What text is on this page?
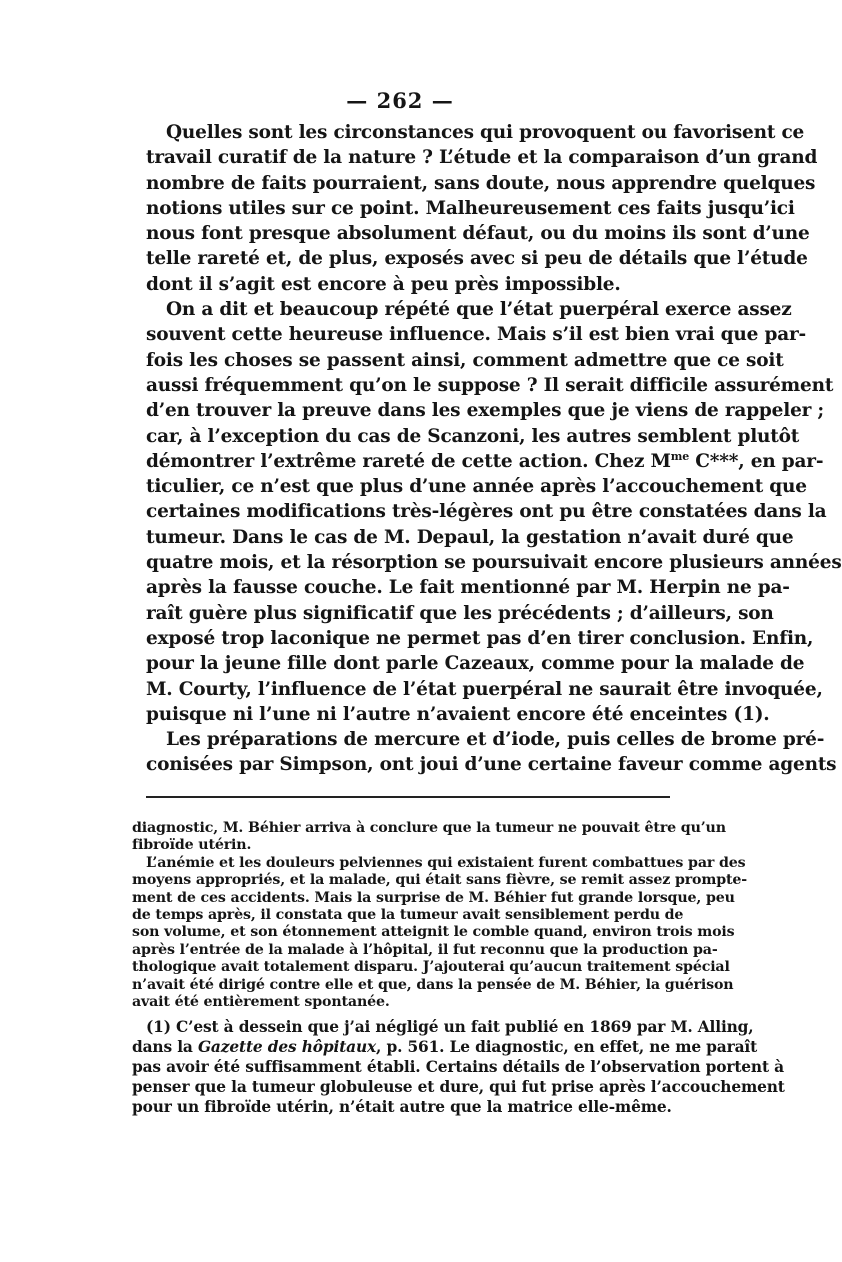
— 262 —
Quelles sont les circonstances qui provoquent ou favorisent ce
travail curatif de la nature ? L’étude et la comparaison d’un grand
nombre de faits pourraient, sans doute, nous apprendre quelques
notions utiles sur ce point. Malheureusement ces faits jusqu’ici
nous font presque absolument défaut, ou du moins ils sont d’une
telle rareté et, de plus, exposés avec si peu de détails que l’étude
dont il s’agit est encore à peu près impossible.
On a dit et beaucoup répété que l’état puerpéral exerce assez
souvent cette heureuse influence. Mais s’il est bien vrai que par-
fois les choses se passent ainsi, comment admettre que ce soit
aussi fréquemment qu’on le suppose ? Il serait difficile assurément
d’en trouver la preuve dans les exemples que je viens de rappeler ;
car, à l’exception du cas de Scanzoni, les autres semblent plutôt
démontrer l’extrême rareté de cette action. Chez $M^{me}$ C***, en par-
ticulier, ce n’est que plus d’une année après l’accouchement que
certaines modifications très-légères ont pu être constatées dans la
tumeur. Dans le cas de M. Depaul, la gestation n’avait duré que
quatre mois, et la résorption se poursuivait encore plusieurs années
après la fausse couche. Le fait mentionné par M. Herpin ne pa-
raît guère plus significatif que les précédents ; d’ailleurs, son
exposé trop laconique ne permet pas d’en tirer conclusion. Enfin,
pour la jeune fille dont parle Cazeaux, comme pour la malade de
M. Courty, l’influence de l’état puerpéral ne saurait être invoquée,
puisque ni l’une ni l’autre n’avaient encore été enceintes (1).
Les préparations de mercure et d’iode, puis celles de brome pré-
conisées par Simpson, ont joui d’une certaine faveur comme agents
diagnostic, M. Béhier arriva à conclure que la tumeur ne pouvait être qu’un
fibroïde utérin.
L’anémie et les douleurs pelviennes qui existaient furent combattues par des
moyens appropriés, et la malade, qui était sans fièvre, se remit assez prompte-
ment de ces accidents. Mais la surprise de M. Béhier fut grande lorsque, peu
de temps après, il constata que la tumeur avait sensiblement perdu de
son volume, et son étonnement atteignit le comble quand, environ trois mois
après l’entrée de la malade à l’hôpital, il fut reconnu que la production pa-
thologique avait totalement disparu. J’ajouterai qu’aucun traitement spécial
n’avait été dirigé contre elle et que, dans la pensée de M. Béhier, la guérison
avait été entièrement spontanée.
(1) C’est à dessein que j’ai négligé un fait publié en 1869 par M. Alling,
dans la Gazette des hôpitaux, p. 561. Le diagnostic, en effet, ne me paraît
pas avoir été suffisamment établi. Certains détails de l’observation portent à
penser que la tumeur globuleuse et dure, qui fut prise après l’accouchement
pour un fibroïde utérin, n’était autre que la matrice elle-même.
